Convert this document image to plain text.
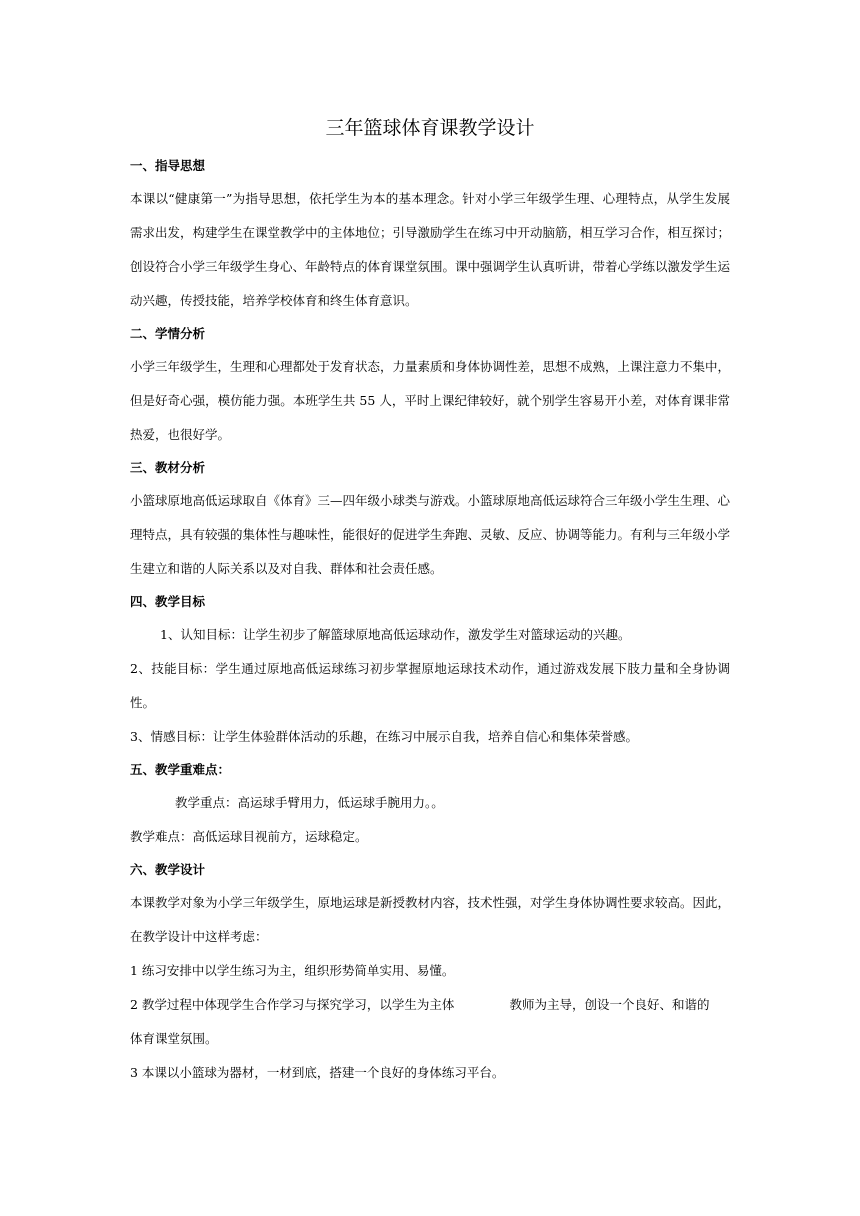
三年篮球体育课教学设计
一、指导思想

本课以“健康第一”为指导思想，依托学生为本的基本理念。针对小学三年级学生理、心理特点，从学生发展需求出发，构建学生在课堂教学中的主体地位；引导激励学生在练习中开动脑筋，相互学习合作，相互探讨；创设符合小学三年级学生身心、年龄特点的体育课堂氛围。课中强调学生认真听讲，带着心学练以激发学生运动兴趣，传授技能，培养学校体育和终生体育意识。

二、学情分析

小学三年级学生，生理和心理都处于发育状态，力量素质和身体协调性差，思想不成熟，上课注意力不集中，但是好奇心强，模仿能力强。本班学生共 55 人，平时上课纪律较好，就个别学生容易开小差，对体育课非常热爱，也很好学。

三、教材分析

小篮球原地高低运球取自《体育》三—四年级小球类与游戏。小篮球原地高低运球符合三年级小学生生理、心理特点，具有较强的集体性与趣味性，能很好的促进学生奔跑、灵敏、反应、协调等能力。有利与三年级小学生建立和谐的人际关系以及对自我、群体和社会责任感。

四、教学目标

1、认知目标：让学生初步了解篮球原地高低运球动作，激发学生对篮球运动的兴趣。

2、技能目标：学生通过原地高低运球练习初步掌握原地运球技术动作，通过游戏发展下肢力量和全身协调性。

3、情感目标：让学生体验群体活动的乐趣，在练习中展示自我，培养自信心和集体荣誉感。

五、教学重难点：

教学重点：高运球手臂用力，低运球手腕用力。。

教学难点：高低运球目视前方，运球稳定。

六、教学设计

本课教学对象为小学三年级学生，原地运球是新授教材内容，技术性强，对学生身体协调性要求较高。因此，在教学设计中这样考虑：

1 练习安排中以学生练习为主，组织形势简单实用、易懂。

2 教学过程中体现学生合作学习与探究学习，以学生为主体	教师为主导，创设一个良好、和谐的

体育课堂氛围。

3 本课以小篮球为器材，一材到底，搭建一个良好的身体练习平台。
